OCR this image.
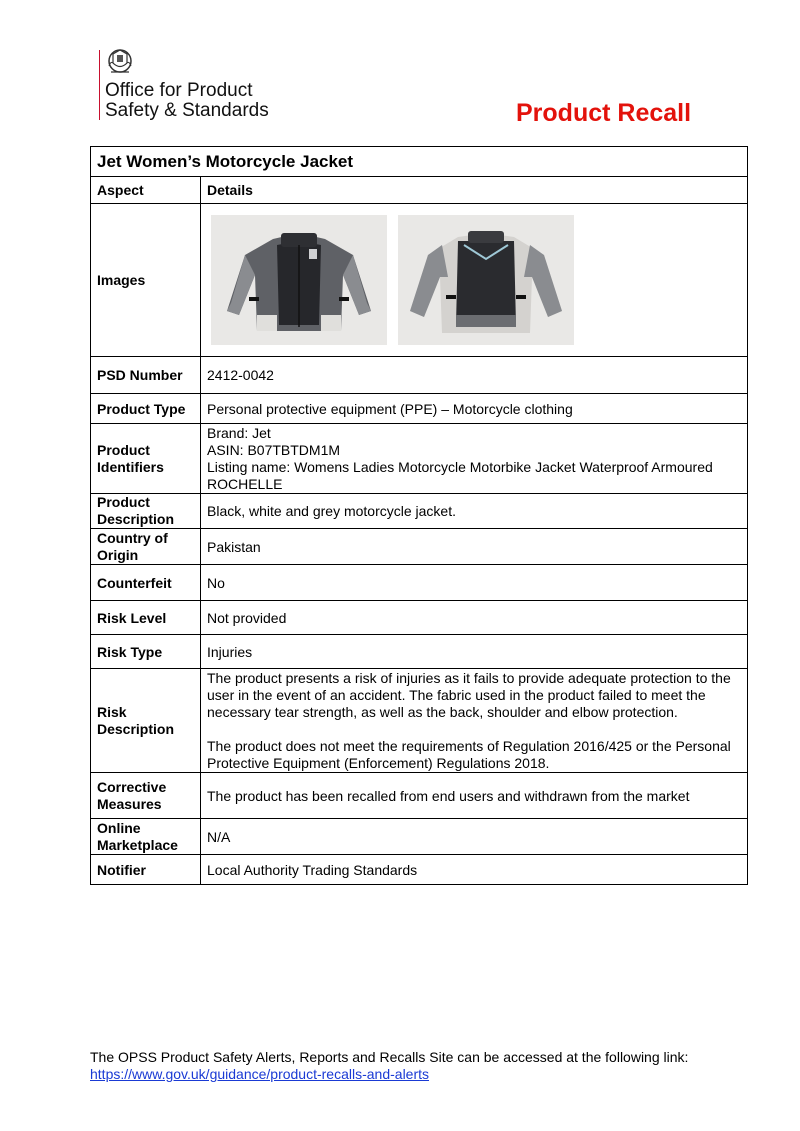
Office for Product
Safety & Standards	Product Recall
Jet Women’s Motorcycle Jacket	
Aspect	Details
Images	

PSD Number	2412-0042
Product Type	Personal protective equipment (PPE) – Motorcycle clothing
Product Identifiers	Brand: Jet
ASIN: B07TBTDM1M
Listing name: Womens Ladies Motorcycle Motorbike Jacket Waterproof Armoured ROCHELLE

Product Description	Black, white and grey motorcycle jacket.
Country of Origin	Pakistan
Counterfeit	No
Risk Level	Not provided
Risk Type	Injuries
Risk Description	The product presents a risk of injuries as it fails to provide adequate protection to the user in the event of an accident. The fabric used in the product failed to meet the necessary tear strength, as well as the back, shoulder and elbow protection.
The product does not meet the requirements of Regulation 2016/425 or the Personal Protective Equipment (Enforcement) Regulations 2018.

Corrective Measures	The product has been recalled from end users and withdrawn from the market
Online Marketplace	N/A
Notifier	Local Authority Trading Standards
The OPSS Product Safety Alerts, Reports and Recalls Site can be accessed at the following link: https://www.gov.uk/guidance/product-recalls-and-alerts
